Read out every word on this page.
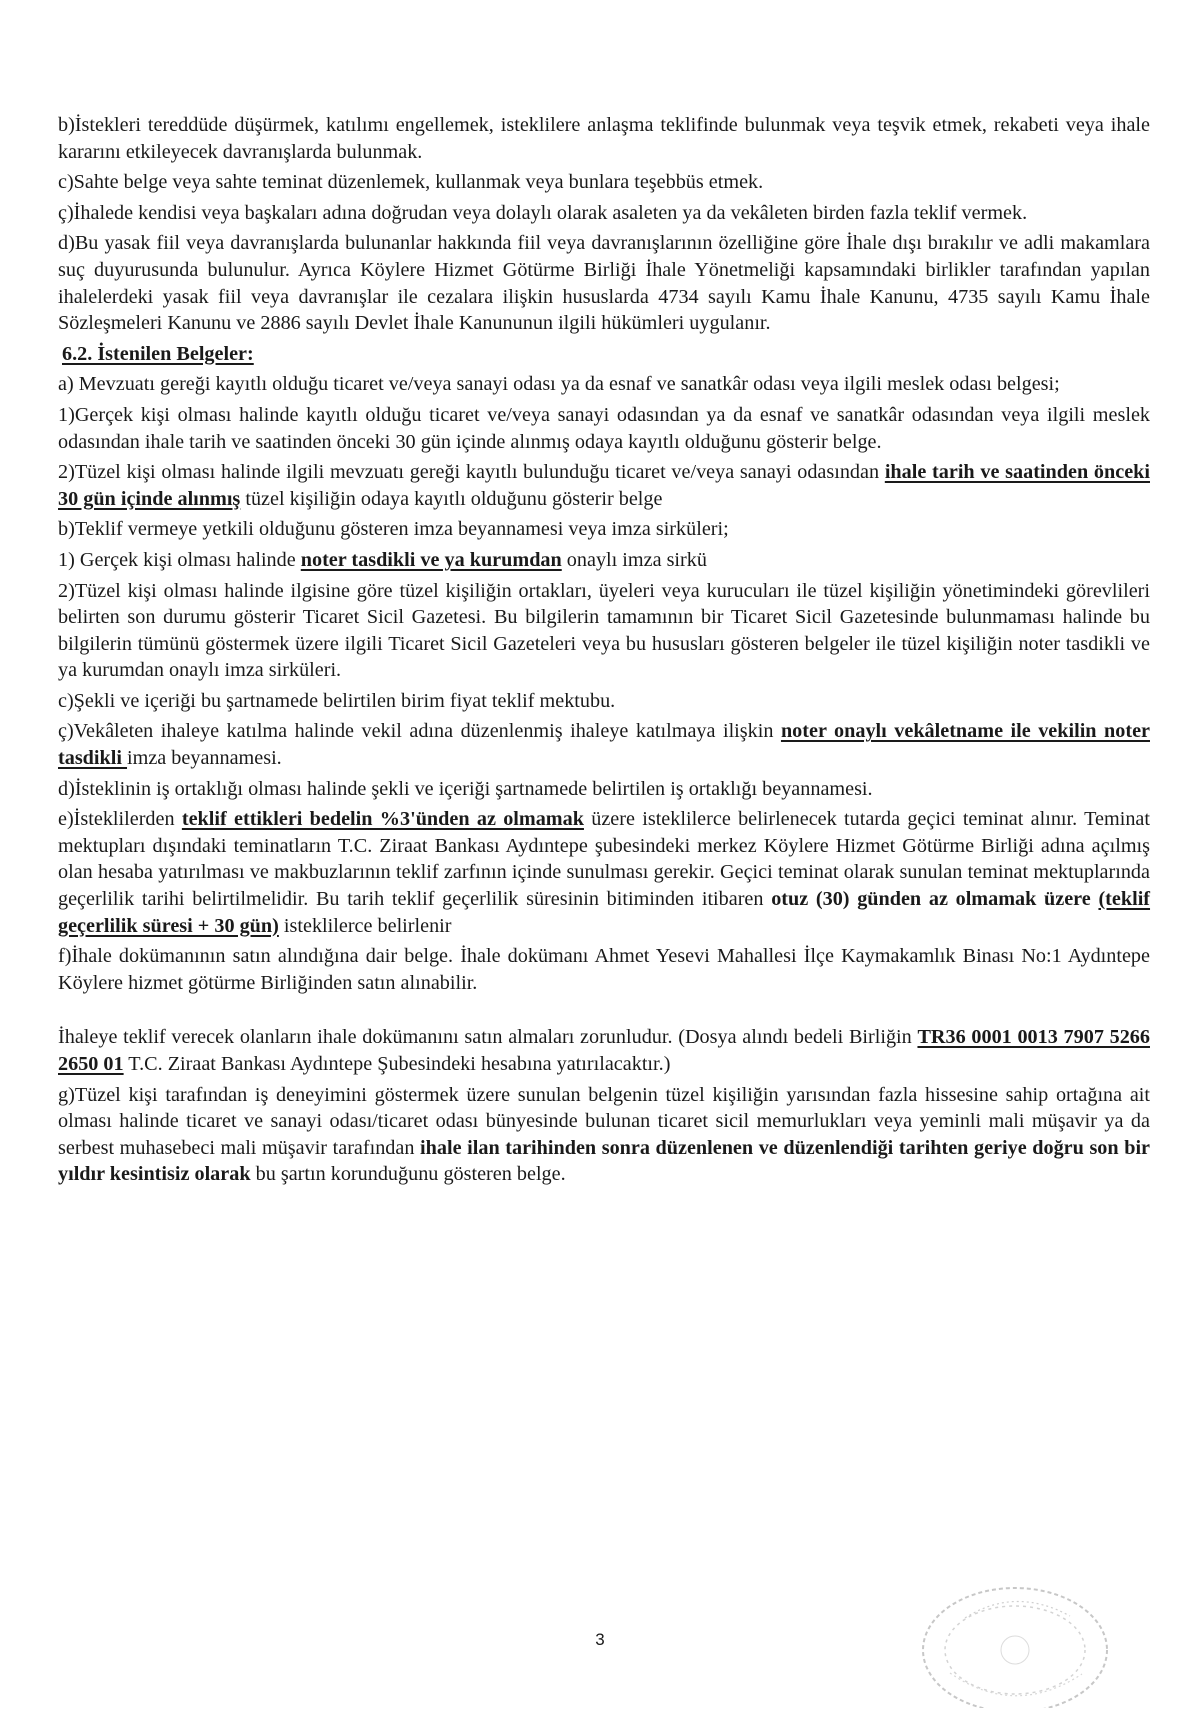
b)İstekleri tereddüde düşürmek, katılımı engellemek, isteklilere anlaşma teklifinde bulunmak veya teşvik etmek, rekabeti veya ihale kararını etkileyecek davranışlarda bulunmak.

c)Sahte belge veya sahte teminat düzenlemek, kullanmak veya bunlara teşebbüs etmek.

ç)İhalede kendisi veya başkaları adına doğrudan veya dolaylı olarak asaleten ya da vekâleten birden fazla teklif vermek.

d)Bu yasak fiil veya davranışlarda bulunanlar hakkında fiil veya davranışlarının özelliğine göre İhale dışı bırakılır ve adli makamlara suç duyurusunda bulunulur. Ayrıca Köylere Hizmet Götürme Birliği İhale Yönetmeliği kapsamındaki birlikler tarafından yapılan ihalelerdeki yasak fiil veya davranışlar ile cezalara ilişkin hususlarda 4734 sayılı Kamu İhale Kanunu, 4735 sayılı Kamu İhale Sözleşmeleri Kanunu ve 2886 sayılı Devlet İhale Kanununun ilgili hükümleri uygulanır.

6.2. İstenilen Belgeler:

a) Mevzuatı gereği kayıtlı olduğu ticaret ve/veya sanayi odası ya da esnaf ve sanatkâr odası veya ilgili meslek odası belgesi;

1)Gerçek kişi olması halinde kayıtlı olduğu ticaret ve/veya sanayi odasından ya da esnaf ve sanatkâr odasından veya ilgili meslek odasından ihale tarih ve saatinden önceki 30 gün içinde alınmış odaya kayıtlı olduğunu gösterir belge.

2)Tüzel kişi olması halinde ilgili mevzuatı gereği kayıtlı bulunduğu ticaret ve/veya sanayi odasından ihale tarih ve saatinden önceki 30 gün içinde alınmış tüzel kişiliğin odaya kayıtlı olduğunu gösterir belge

b)Teklif vermeye yetkili olduğunu gösteren imza beyannamesi veya imza sirküleri;

1) Gerçek kişi olması halinde noter tasdikli ve ya kurumdan onaylı imza sirkü

2)Tüzel kişi olması halinde ilgisine göre tüzel kişiliğin ortakları, üyeleri veya kurucuları ile tüzel kişiliğin yönetimindeki görevlileri belirten son durumu gösterir Ticaret Sicil Gazetesi. Bu bilgilerin tamamının bir Ticaret Sicil Gazetesinde bulunmaması halinde bu bilgilerin tümünü göstermek üzere ilgili Ticaret Sicil Gazeteleri veya bu hususları gösteren belgeler ile tüzel kişiliğin noter tasdikli ve ya kurumdan onaylı imza sirküleri.

c)Şekli ve içeriği bu şartnamede belirtilen birim fiyat teklif mektubu.

ç)Vekâleten ihaleye katılma halinde vekil adına düzenlenmiş ihaleye katılmaya ilişkin noter onaylı vekâletname ile vekilin noter tasdikli imza beyannamesi.

d)İsteklinin iş ortaklığı olması halinde şekli ve içeriği şartnamede belirtilen iş ortaklığı beyannamesi.

e)İsteklilerden teklif ettikleri bedelin %3'ünden az olmamak üzere isteklilerce belirlenecek tutarda geçici teminat alınır. Teminat mektupları dışındaki teminatların T.C. Ziraat Bankası Aydıntepe şubesindeki merkez Köylere Hizmet Götürme Birliği adına açılmış olan hesaba yatırılması ve makbuzlarının teklif zarfının içinde sunulması gerekir. Geçici teminat olarak sunulan teminat mektuplarında geçerlilik tarihi belirtilmelidir. Bu tarih teklif geçerlilik süresinin bitiminden itibaren otuz (30) günden az olmamak üzere (teklif geçerlilik süresi + 30 gün) isteklilerce belirlenir

f)İhale dokümanının satın alındığına dair belge. İhale dokümanı Ahmet Yesevi Mahallesi İlçe Kaymakamlık Binası No:1 Aydıntepe Köylere hizmet götürme Birliğinden satın alınabilir.

İhaleye teklif verecek olanların ihale dokümanını satın almaları zorunludur. (Dosya alındı bedeli Birliğin TR36 0001 0013 7907 5266 2650 01 T.C. Ziraat Bankası Aydıntepe Şubesindeki hesabına yatırılacaktır.)

g)Tüzel kişi tarafından iş deneyimini göstermek üzere sunulan belgenin tüzel kişiliğin yarısından fazla hissesine sahip ortağına ait olması halinde ticaret ve sanayi odası/ticaret odası bünyesinde bulunan ticaret sicil memurlukları veya yeminli mali müşavir ya da serbest muhasebeci mali müşavir tarafından ihale ilan tarihinden sonra düzenlenen ve düzenlendiği tarihten geriye doğru son bir yıldır kesintisiz olarak bu şartın korunduğunu gösteren belge.

3
